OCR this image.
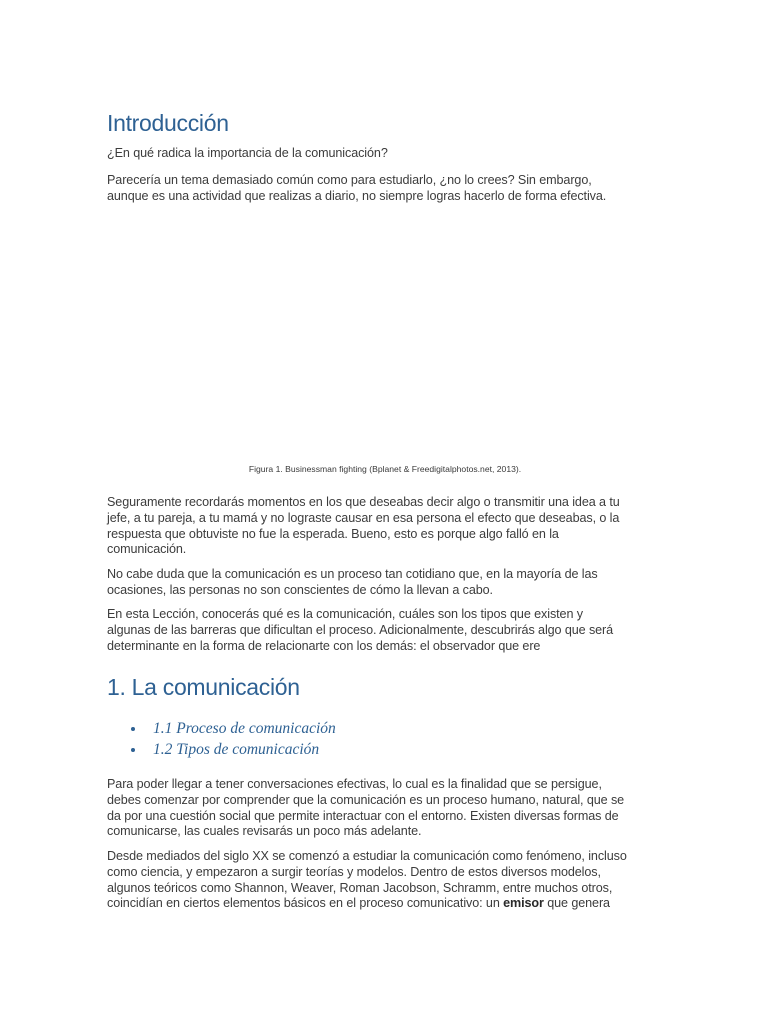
Introducción
¿En qué radica la importancia de la comunicación?
Parecería un tema demasiado común como para estudiarlo, ¿no lo crees? Sin embargo,
aunque es una actividad que realizas a diario, no siempre logras hacerlo de forma efectiva.
Figura 1. Businessman fighting (Bplanet & Freedigitalphotos.net, 2013).
Seguramente recordarás momentos en los que deseabas decir algo o transmitir una idea a tu
jefe, a tu pareja, a tu mamá y no lograste causar en esa persona el efecto que deseabas, o la
respuesta que obtuviste no fue la esperada. Bueno, esto es porque algo falló en la
comunicación.
No cabe duda que la comunicación es un proceso tan cotidiano que, en la mayoría de las
ocasiones, las personas no son conscientes de cómo la llevan a cabo.
En esta Lección, conocerás qué es la comunicación, cuáles son los tipos que existen y
algunas de las barreras que dificultan el proceso. Adicionalmente, descubrirás algo que será
determinante en la forma de relacionarte con los demás: el observador que ere
1. La comunicación
1.1 Proceso de comunicación
1.2 Tipos de comunicación
Para poder llegar a tener conversaciones efectivas, lo cual es la finalidad que se persigue,
debes comenzar por comprender que la comunicación es un proceso humano, natural, que se
da por una cuestión social que permite interactuar con el entorno. Existen diversas formas de
comunicarse, las cuales revisarás un poco más adelante.
Desde mediados del siglo XX se comenzó a estudiar la comunicación como fenómeno, incluso
como ciencia, y empezaron a surgir teorías y modelos. Dentro de estos diversos modelos,
algunos teóricos como Shannon, Weaver, Roman Jacobson, Schramm, entre muchos otros,
coincidían en ciertos elementos básicos en el proceso comunicativo: un emisor que genera
